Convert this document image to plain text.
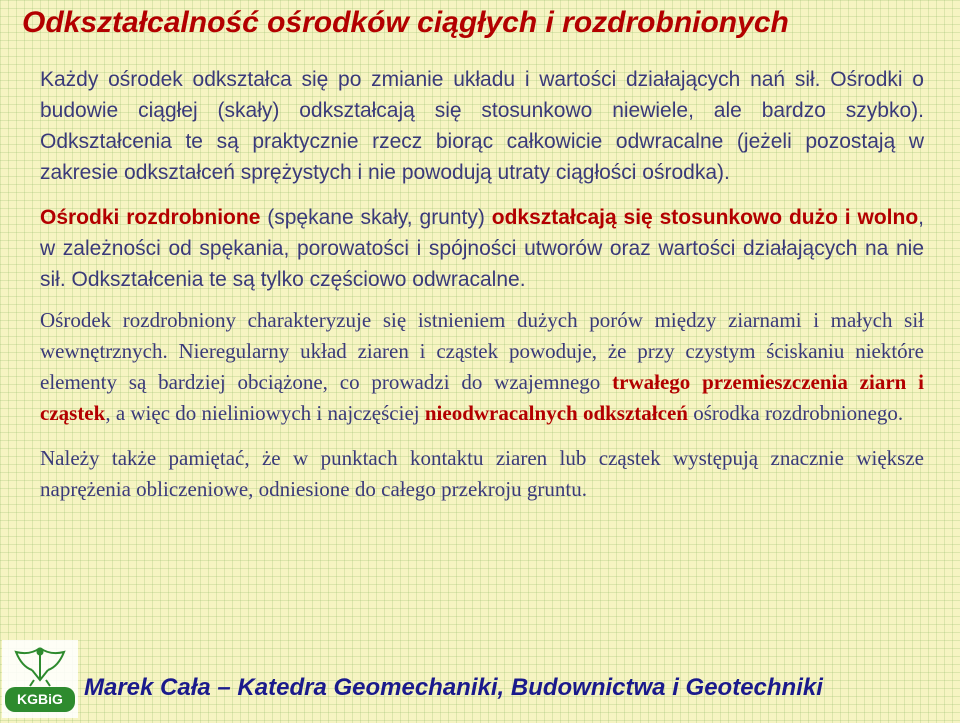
Odkształcalność ośrodków ciągłych i rozdrobnionych

Każdy ośrodek odkształca się po zmianie układu i wartości działających nań sił. Ośrodki o budowie ciągłej (skały) odkształcają się stosunkowo niewiele, ale bardzo szybko). Odkształcenia te są praktycznie rzecz biorąc całkowicie odwracalne (jeżeli pozostają w zakresie odkształceń sprężystych i nie powodują utraty ciągłości ośrodka).

Ośrodki rozdrobnione (spękane skały, grunty) odkształcają się stosunkowo dużo i wolno, w zależności od spękania, porowatości i spójności utworów oraz wartości działających na nie sił. Odkształcenia te są tylko częściowo odwracalne.

Ośrodek rozdrobniony charakteryzuje się istnieniem dużych porów między ziarnami i małych sił wewnętrznych. Nieregularny układ ziaren i cząstek powoduje, że przy czystym ściskaniu niektóre elementy są bardziej obciążone, co prowadzi do wzajemnego trwałego przemieszczenia ziarn i cząstek, a więc do nieliniowych i najczęściej nieodwracalnych odkształceń ośrodka rozdrobnionego.

Należy także pamiętać, że w punktach kontaktu ziaren lub cząstek występują znacznie większe naprężenia obliczeniowe, odniesione do całego przekroju gruntu.

KGBiG Marek Cała – Katedra Geomechaniki, Budownictwa i Geotechniki
